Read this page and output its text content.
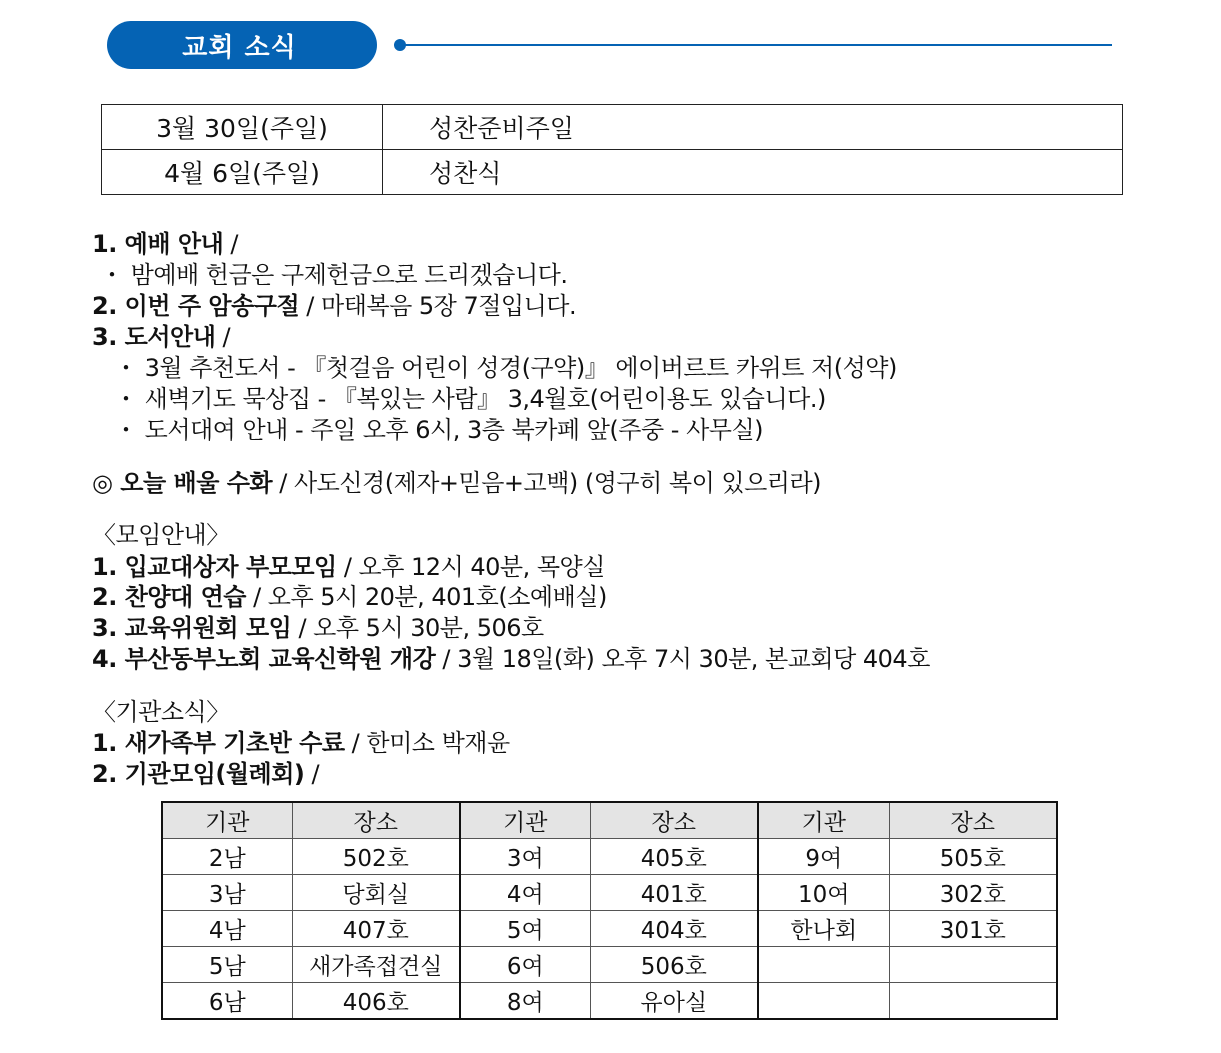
교회 소식
3월 30일(주일)	성찬준비주일
4월 6일(주일)	성찬식
1. 예배 안내 /
・ 밤예배 헌금은 구제헌금으로 드리겠습니다.
2. 이번 주 암송구절 / 마태복음 5장 7절입니다.
3. 도서안내 /
・ 3월 추천도서 - 『첫걸음 어린이 성경(구약)』 에이버르트 카위트 저(성약)
・ 새벽기도 묵상집 - 『복있는 사람』 3,4월호(어린이용도 있습니다.)
・ 도서대여 안내 - 주일 오후 6시, 3층 북카페 앞(주중 - 사무실)
◎ 오늘 배울 수화 / 사도신경(제자+믿음+고백) (영구히 복이 있으리라)
〈모임안내〉
1. 입교대상자 부모모임 / 오후 12시 40분, 목양실
2. 찬양대 연습 / 오후 5시 20분, 401호(소예배실)
3. 교육위원회 모임 / 오후 5시 30분, 506호
4. 부산동부노회 교육신학원 개강 / 3월 18일(화) 오후 7시 30분, 본교회당 404호
〈기관소식〉
1. 새가족부 기초반 수료 / 한미소 박재윤
2. 기관모임(월례회) /
기관	장소	기관	장소	기관	장소
2남	502호	3여	405호	9여	505호
3남	당회실	4여	401호	10여	302호
4남	407호	5여	404호	한나회	301호
5남	새가족접견실	6여	506호		
6남	406호	8여	유아실		
